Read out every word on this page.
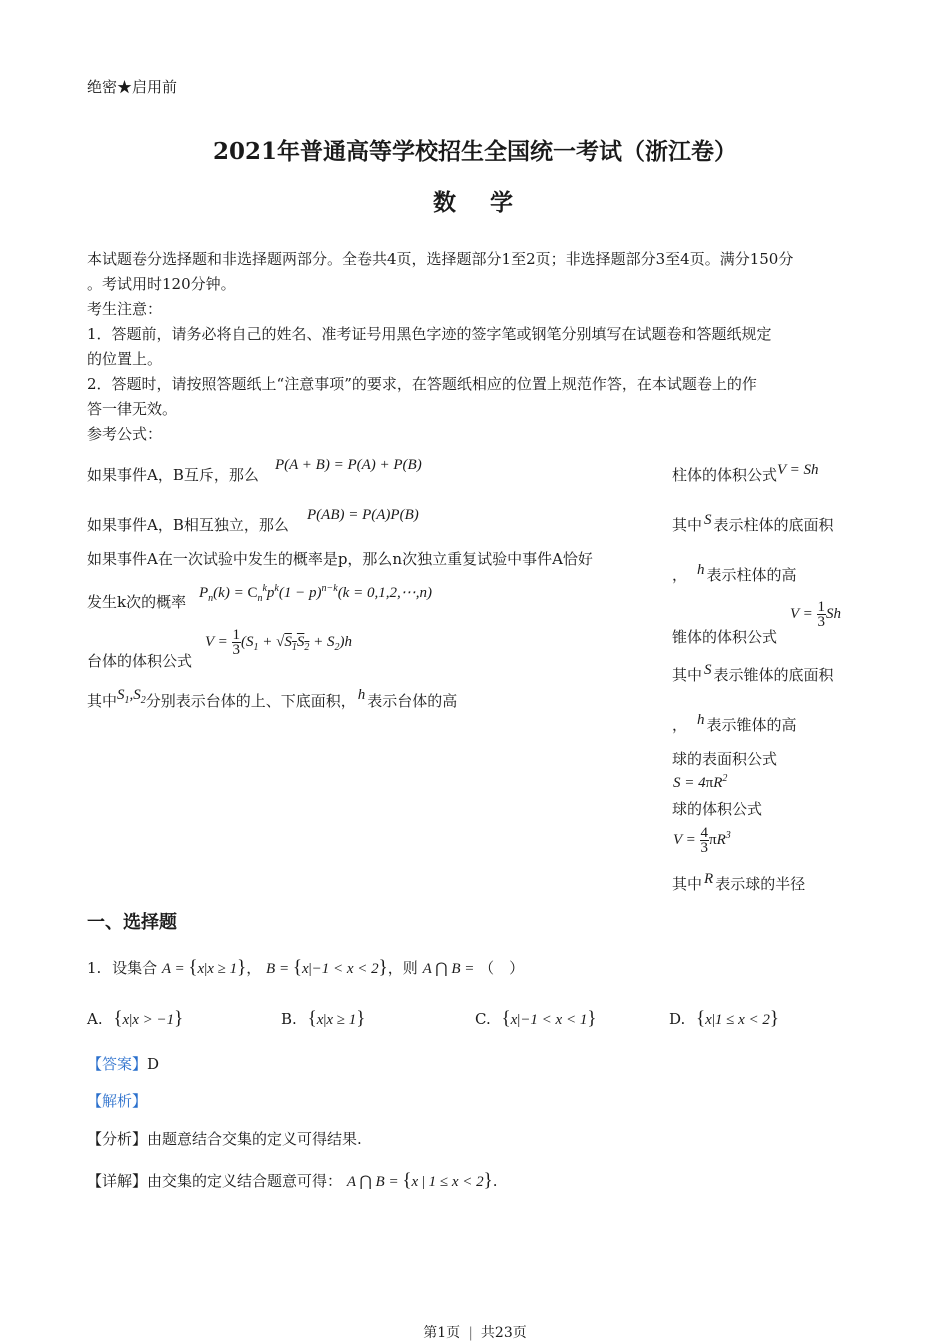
绝密★启用前
2021年普通高等学校招生全国统一考试（浙江卷）
数学
本试题卷分选择题和非选择题两部分。全卷共4页，选择题部分1至2页；非选择题部分3至4页。满分150分
。考试用时120分钟。
考生注意：
1．答题前，请务必将自己的姓名、准考证号用黑色字迹的签字笔或钢笔分别填写在试题卷和答题纸规定
的位置上。
2．答题时，请按照答题纸上“注意事项”的要求，在答题纸相应的位置上规范作答，在本试题卷上的作
答一律无效。
参考公式：
如果事件A，B互斥，那么
P(A + B) = P(A) + P(B)
如果事件A，B相互独立，那么
P(AB) = P(A)P(B)
如果事件A在一次试验中发生的概率是p，那么n次独立重复试验中事件A恰好
发生k次的概率 $P_n(k) = C_n^kp^k(1 - p)^{n-k}(k$ = 0,1,2,⋯,n)
台体的体积公式
$V = \frac{1}{3} (S_1 + √S_1S_2 + S_2)h$
其中$S_1,S_2$分别表示台体的上、下底面积， h 表示台体的高
柱体的体积公式V = Sh
其中 S 表示柱体的底面积
， h 表示柱体的高
锥体的体积公式
$V = \frac{1}{3}$ Sh
其中 S 表示锥体的底面积
， h 表示锥体的高
球的表面积公式
$S = 4\pi R^2$
球的体积公式
$V = \frac{4}{3} \pi R^3$
其中 R 表示球的半径
一、选择题
1. 设集合 A = {x|x ≥ 1}， B = {x|−1 < x < 2}，则 A ⋂ B = （　）
A. {x|x > −1}	B. {x|x ≥ 1}	C. {x|−1 < x < 1}	D. {x|1 ≤ x < 2}
【答案】D
【解析】
【分析】由题意结合交集的定义可得结果.
【详解】由交集的定义结合题意可得： A ⋂ B = {x | 1 ≤ x < 2}.
第1页 | 共23页
